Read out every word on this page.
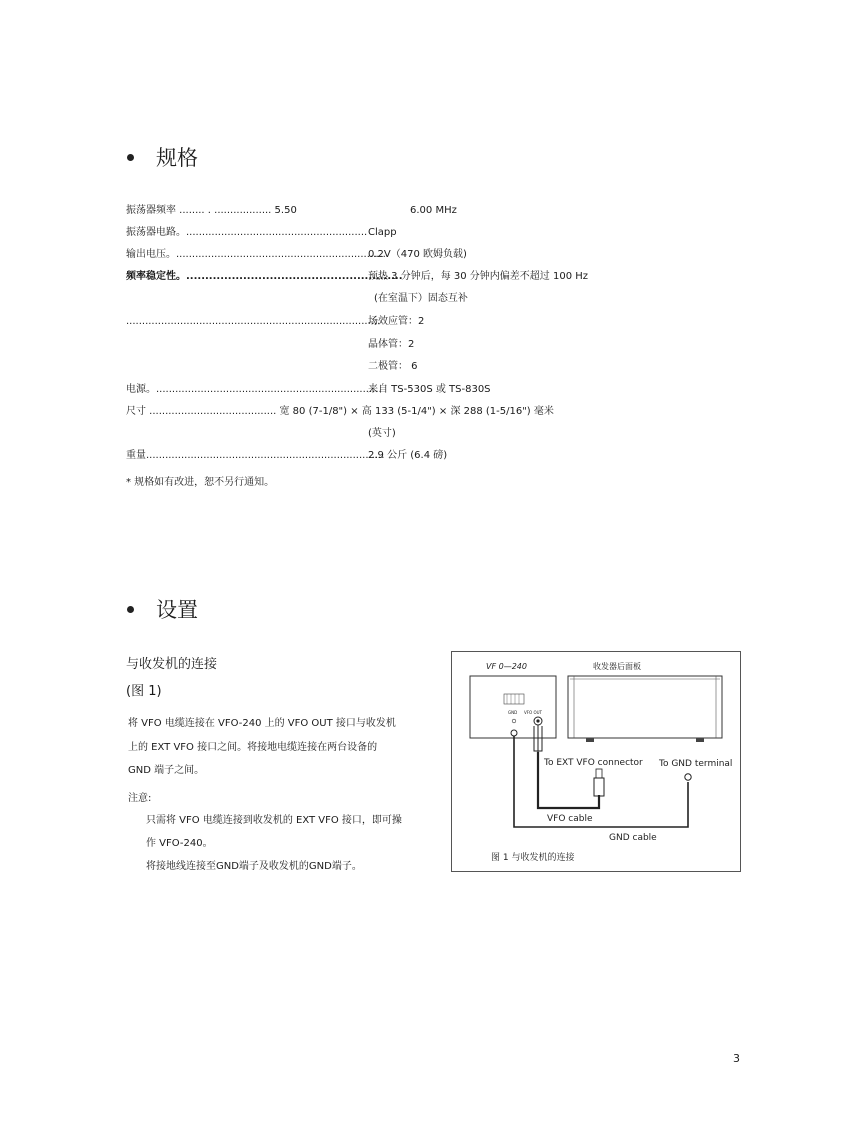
规格
振荡器频率 ........ . .................. 5.50	6.00 MHz
振荡器电路。......................................................... Clapp
输出电压。..................................................................
0.2V（470 欧姆负载)
频率稳定性。.........................................................
预热 3 分钟后，每 30 分钟内偏差不超过 100 Hz
(在室温下）固态互补
................................................................................
场效应管：2
晶体管：2
二极管： 6
电源。.......................................................................
来自 TS-530S 或 TS-830S
尺寸 ........................................ 宽 80 (7-1/8") × 高 133 (5-1/4") × 深 288 (1-5/16") 毫米
(英寸)
重量...........................................................................
2.9 公斤 (6.4 磅)
* 规格如有改进，恕不另行通知。
设置
与收发机的连接
(图 1)
将 VFO 电缆连接在 VFO-240 上的 VFO OUT 接口与收发机
上的 EXT VFO 接口之间。将接地电缆连接在两台设备的
GND 端子之间。
注意:
只需将 VFO 电缆连接到收发机的 EXT VFO 接口，即可操
作 VFO-240。
将接地线连接至GND端子及收发机的GND端子。
VF 0—240	收发器后面板
GND VFO OUT
To EXT VFO connector To GND terminal
VFO cable
GND cable
图 1 与收发机的连接
3
